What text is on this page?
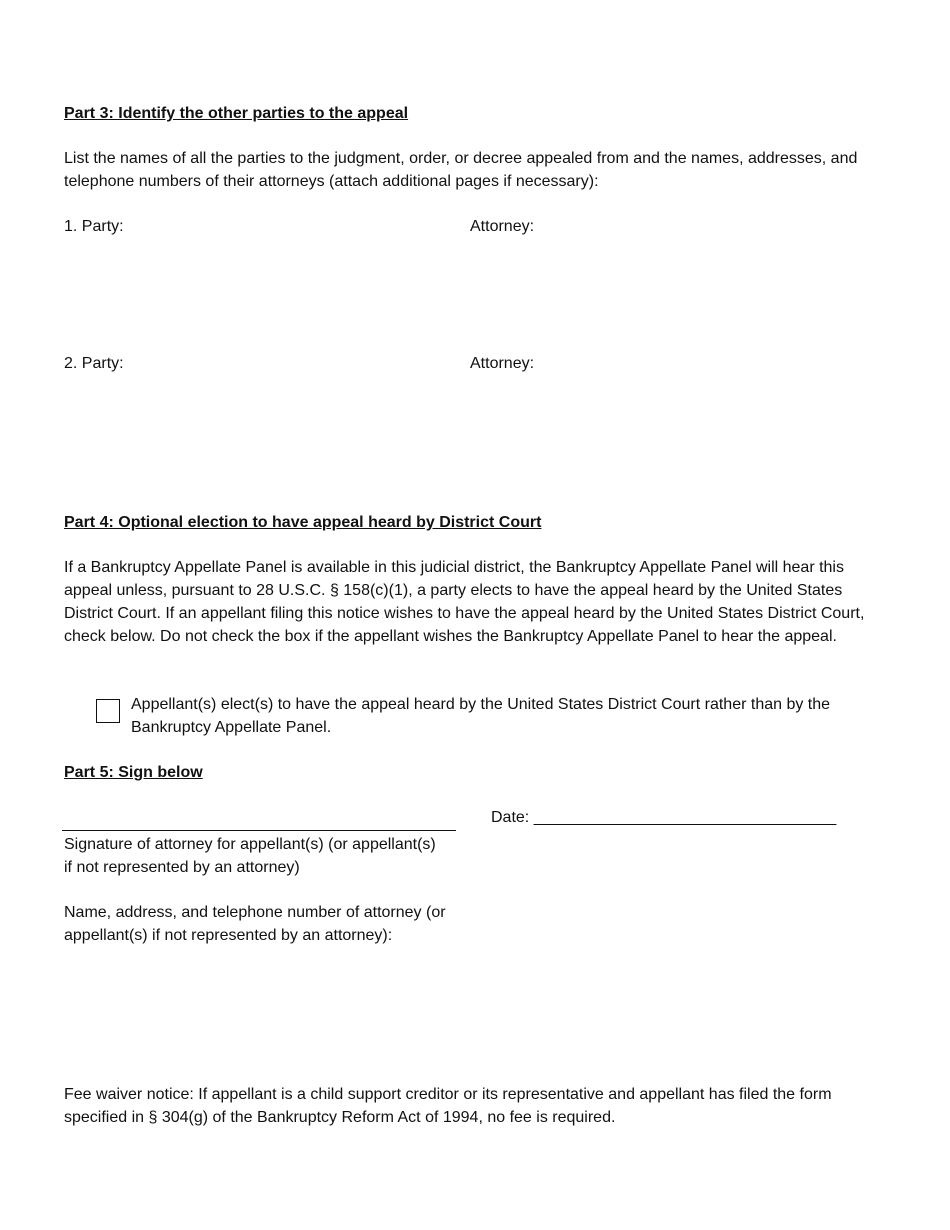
Part 3: Identify the other parties to the appeal
List the names of all the parties to the judgment, order, or decree appealed from and the names, addresses, and telephone numbers of their attorneys (attach additional pages if necessary):
1. Party:	Attorney:
2. Party:	Attorney:
Part 4: Optional election to have appeal heard by District Court
If a Bankruptcy Appellate Panel is available in this judicial district, the Bankruptcy Appellate Panel will hear this appeal unless, pursuant to 28 U.S.C. § 158(c)(1), a party elects to have the appeal heard by the United States District Court. If an appellant filing this notice wishes to have the appeal heard by the United States District Court, check below. Do not check the box if the appellant wishes the Bankruptcy Appellate Panel to hear the appeal.
Appellant(s) elect(s) to have the appeal heard by the United States District Court rather than by the Bankruptcy Appellate Panel.
Part 5: Sign below
Date: __________________________________
Signature of attorney for appellant(s) (or appellant(s) if not represented by an attorney)
Name, address, and telephone number of attorney (or appellant(s) if not represented by an attorney):
Fee waiver notice: If appellant is a child support creditor or its representative and appellant has filed the form specified in § 304(g) of the Bankruptcy Reform Act of 1994, no fee is required.
